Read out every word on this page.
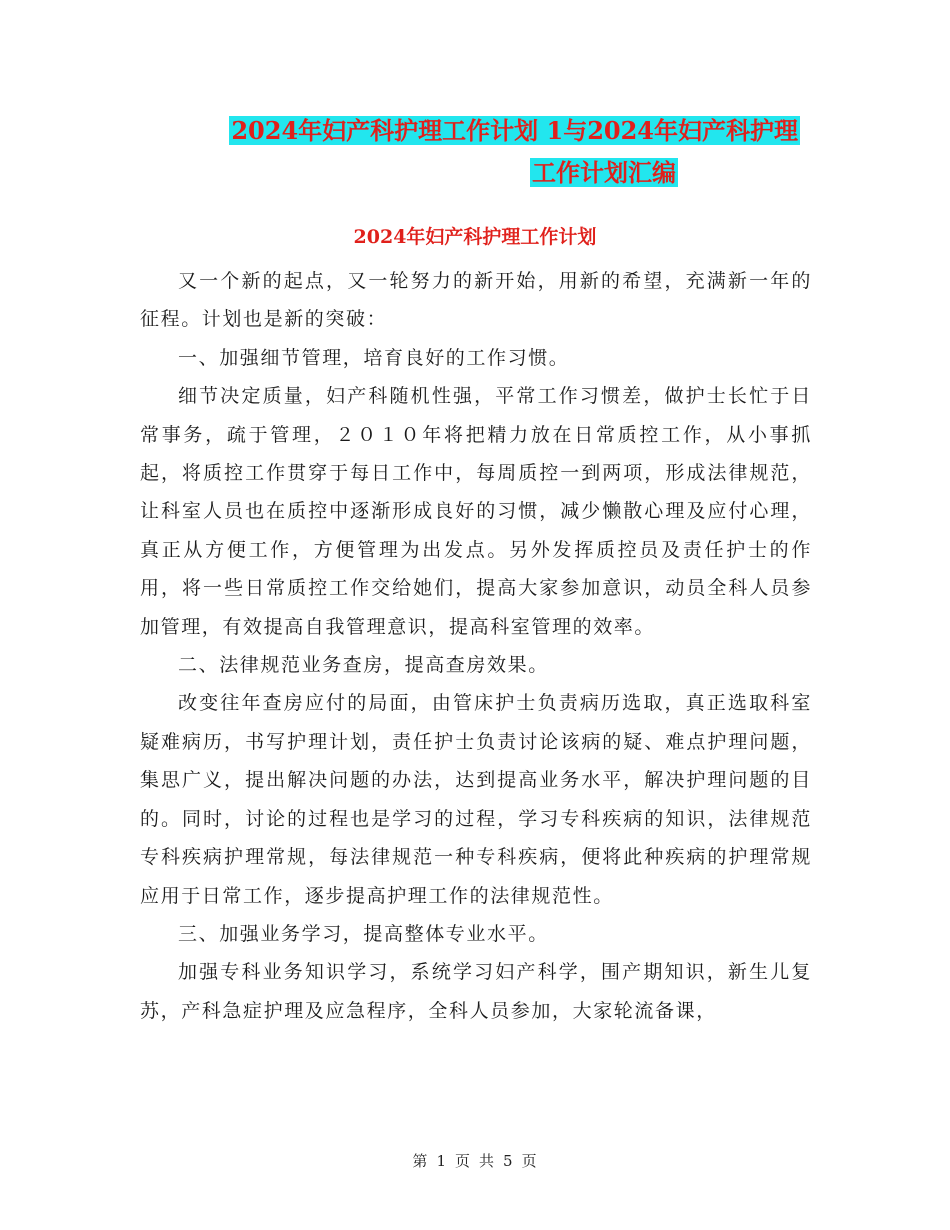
2024年妇产科护理工作计划 1与2024年妇产科护理
工作计划汇编
2024年妇产科护理工作计划

又一个新的起点，又一轮努力的新开始，用新的希望，充满新一年的征程。计划也是新的突破：

一、加强细节管理，培育良好的工作习惯。

细节决定质量，妇产科随机性强，平常工作习惯差，做护士长忙于日常事务，疏于管理，２０１０年将把精力放在日常质控工作，从小事抓起，将质控工作贯穿于每日工作中，每周质控一到两项，形成法律规范，让科室人员也在质控中逐渐形成良好的习惯，减少懒散心理及应付心理，真正从方便工作，方便管理为出发点。另外发挥质控员及责任护士的作用，将一些日常质控工作交给她们，提高大家参加意识，动员全科人员参加管理，有效提高自我管理意识，提高科室管理的效率。

二、法律规范业务查房，提高查房效果。

改变往年查房应付的局面，由管床护士负责病历选取，真正选取科室疑难病历，书写护理计划，责任护士负责讨论该病的疑、难点护理问题，集思广义，提出解决问题的办法，达到提高业务水平，解决护理问题的目的。同时，讨论的过程也是学习的过程，学习专科疾病的知识，法律规范专科疾病护理常规，每法律规范一种专科疾病，便将此种疾病的护理常规应用于日常工作，逐步提高护理工作的法律规范性。

三、加强业务学习，提高整体专业水平。

加强专科业务知识学习，系统学习妇产科学，围产期知识，新生儿复苏，产科急症护理及应急程序，全科人员参加，大家轮流备课，

第 1 页 共 5 页
